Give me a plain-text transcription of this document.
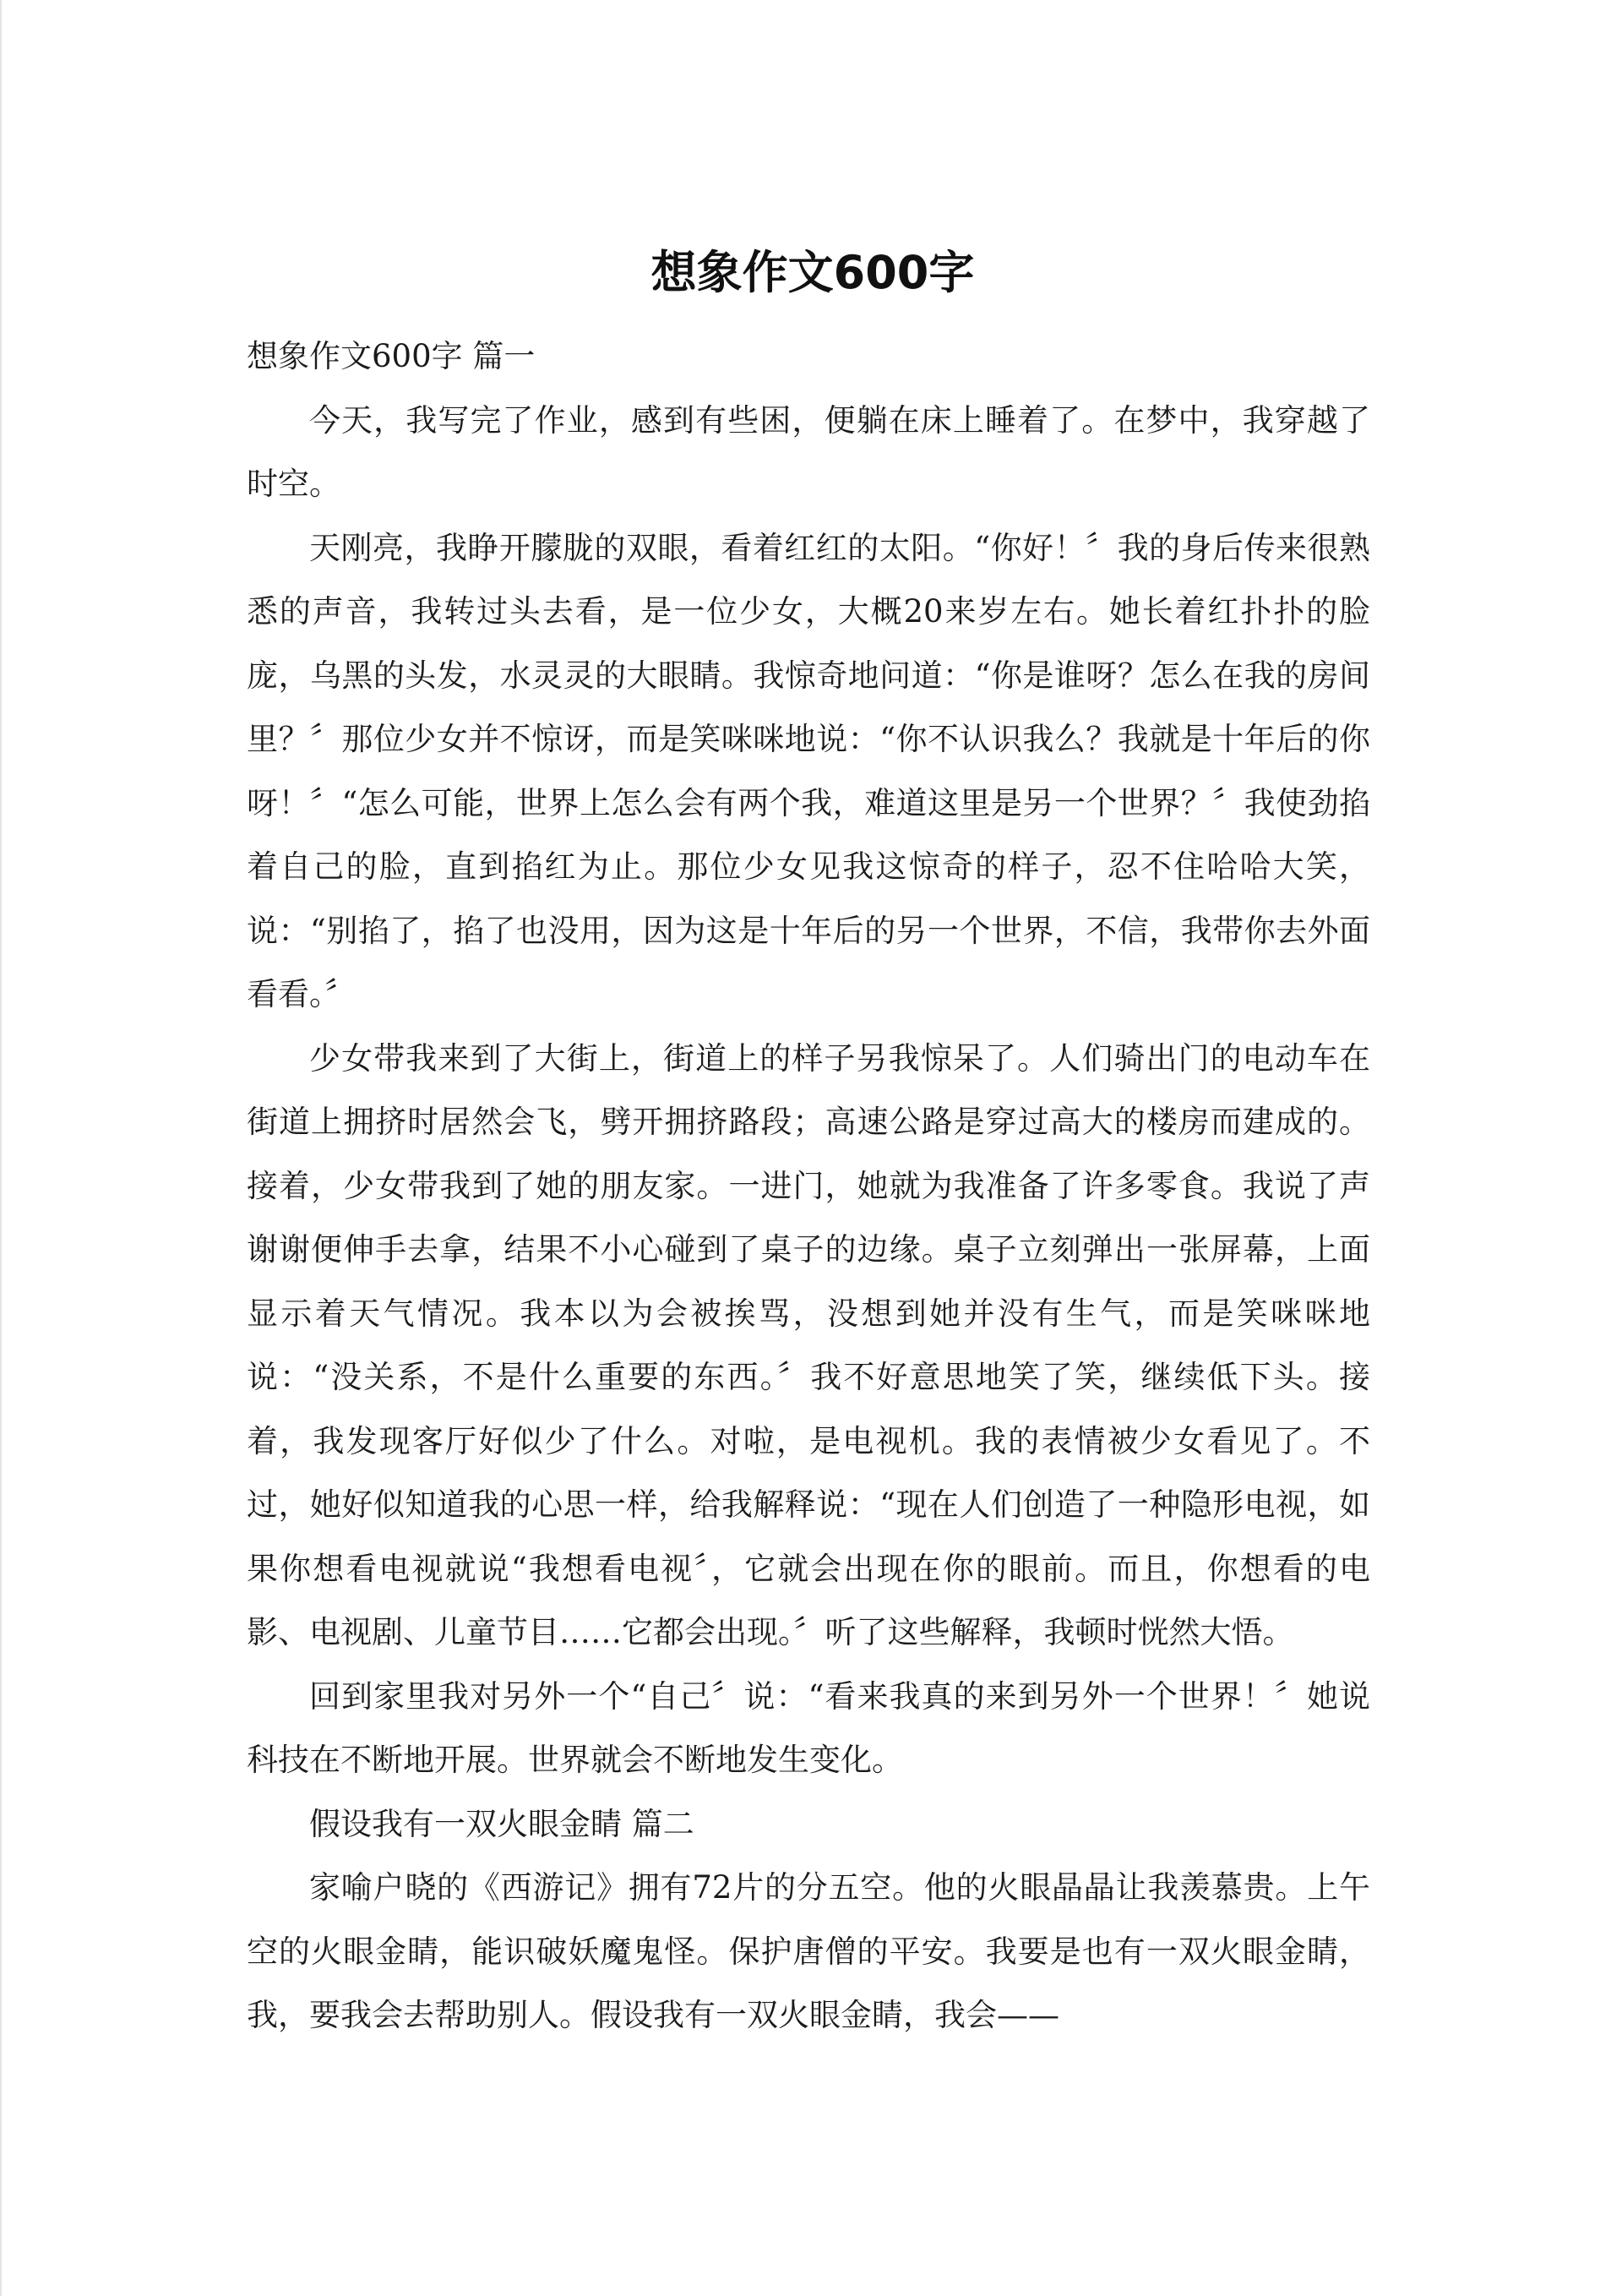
想象作文600字

想象作文600字 篇一

今天，我写完了作业，感到有些困，便躺在床上睡着了。在梦中，我穿越了时空。

天刚亮，我睁开朦胧的双眼，看着红红的太阳。“你好！〞我的身后传来很熟悉的声音，我转过头去看，是一位少女，大概20来岁左右。她长着红扑扑的脸庞，乌黑的头发，水灵灵的大眼睛。我惊奇地问道：“你是谁呀？怎么在我的房间里？〞那位少女并不惊讶，而是笑咪咪地说：“你不认识我么？我就是十年后的你呀！〞“怎么可能，世界上怎么会有两个我，难道这里是另一个世界？〞我使劲掐着自己的脸，直到掐红为止。那位少女见我这惊奇的样子，忍不住哈哈大笑，说：“别掐了，掐了也没用，因为这是十年后的另一个世界，不信，我带你去外面看看。〞

少女带我来到了大街上，街道上的样子另我惊呆了。人们骑出门的电动车在街道上拥挤时居然会飞，劈开拥挤路段；高速公路是穿过高大的楼房而建成的。接着，少女带我到了她的朋友家。一进门，她就为我准备了许多零食。我说了声谢谢便伸手去拿，结果不小心碰到了桌子的边缘。桌子立刻弹出一张屏幕，上面显示着天气情况。我本以为会被挨骂，没想到她并没有生气，而是笑咪咪地说：“没关系，不是什么重要的东西。〞我不好意思地笑了笑，继续低下头。接着，我发现客厅好似少了什么。对啦，是电视机。我的表情被少女看见了。不过，她好似知道我的心思一样，给我解释说：“现在人们创造了一种隐形电视，如果你想看电视就说“我想看电视〞，它就会出现在你的眼前。而且，你想看的电影、电视剧、儿童节目……它都会出现。〞听了这些解释，我顿时恍然大悟。

回到家里我对另外一个“自己〞说：“看来我真的来到另外一个世界！〞她说科技在不断地开展。世界就会不断地发生变化。

假设我有一双火眼金睛 篇二

家喻户晓的《西游记》拥有72片的分五空。他的火眼晶晶让我羡慕贵。上午空的火眼金睛，能识破妖魔鬼怪。保护唐僧的平安。我要是也有一双火眼金睛，我，要我会去帮助别人。假设我有一双火眼金睛，我会——
